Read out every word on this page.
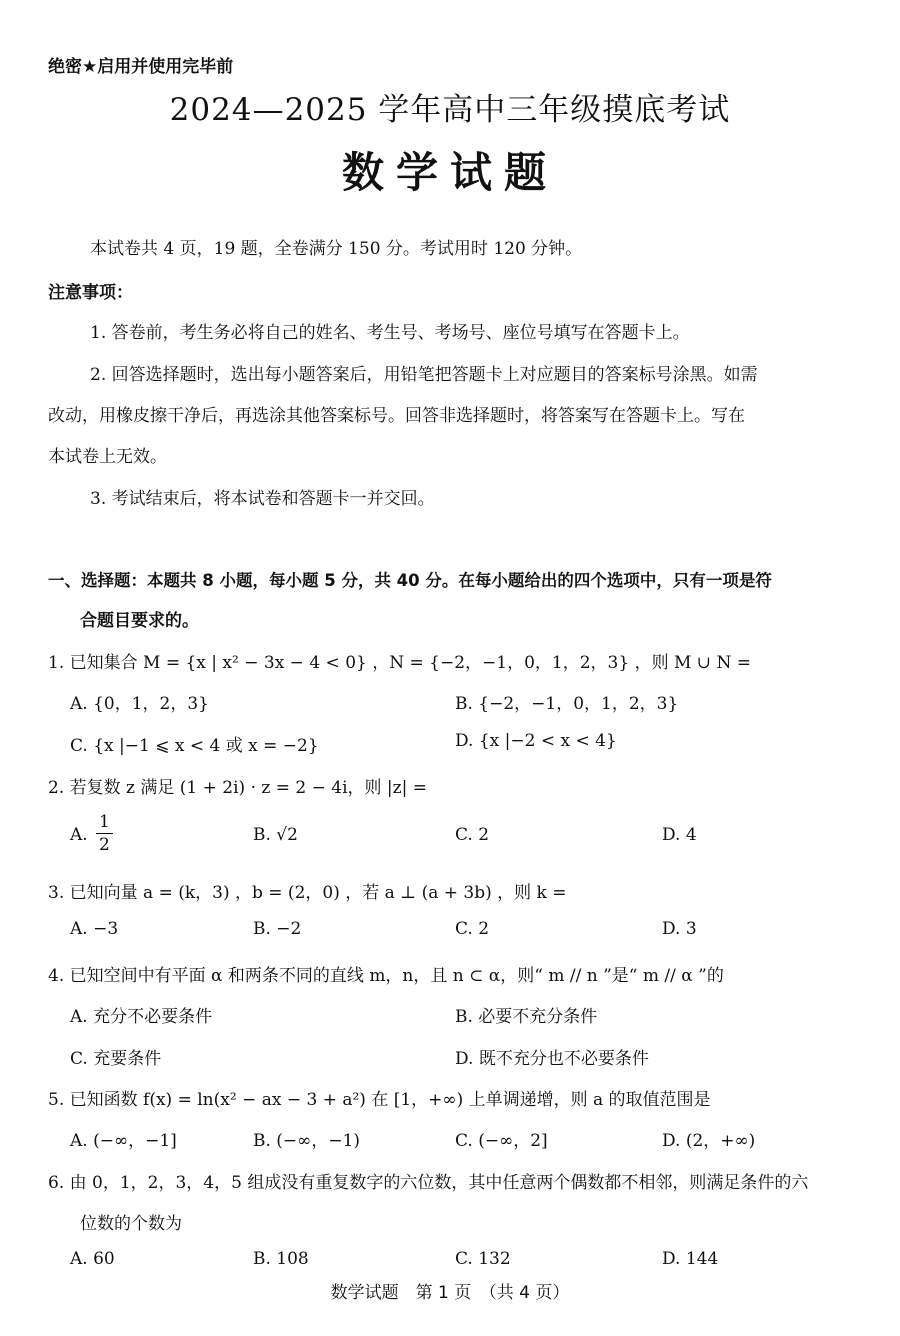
绝密★启用并使用完毕前
2024—2025 学年高中三年级摸底考试
数学试题
本试卷共 4 页，19 题，全卷满分 150 分。考试用时 120 分钟。
注意事项：
1. 答卷前，考生务必将自己的姓名、考生号、考场号、座位号填写在答题卡上。
2. 回答选择题时，选出每小题答案后，用铅笔把答题卡上对应题目的答案标号涂黑。如需
改动，用橡皮擦干净后，再选涂其他答案标号。回答非选择题时，将答案写在答题卡上。写在
本试卷上无效。
3. 考试结束后，将本试卷和答题卡一并交回。
一、选择题：本题共 8 小题，每小题 5 分，共 40 分。在每小题给出的四个选项中，只有一项是符
合题目要求的。
1. 已知集合 M = {x | x² − 3x − 4 < 0} ，N = {−2，−1，0，1，2，3} ，则 M ∪ N =
A. {0，1，2，3}	B. {−2，−1，0，1，2，3}
C. {x |−1 ⩽ x < 4 或 x = −2}	D. {x |−2 < x < 4}
2. 若复数 z 满足 (1 + 2i) · z = 2 − 4i，则 |z| =
A. $\frac{1}{2}$	B. √2	C. 2	D. 4
3. 已知向量 a = (k，3) ，b = (2，0) ，若 a ⊥ (a + 3b) ，则 k =
A. −3	B. −2	C. 2	D. 3
4. 已知空间中有平面 α 和两条不同的直线 m，n，且 n ⊂ α，则“ m // n ”是“ m // α ”的
A. 充分不必要条件	B. 必要不充分条件
C. 充要条件	D. 既不充分也不必要条件
5. 已知函数 f(x) = ln(x² − ax − 3 + a²) 在 [1，+∞) 上单调递增，则 a 的取值范围是
A. (−∞，−1]	B. (−∞，−1)	C. (−∞，2]	D. (2，+∞)
6. 由 0，1，2，3，4，5 组成没有重复数字的六位数，其中任意两个偶数都不相邻，则满足条件的六
位数的个数为
A. 60	B. 108	C. 132	D. 144
数学试题　第 1 页　（共 4 页）
